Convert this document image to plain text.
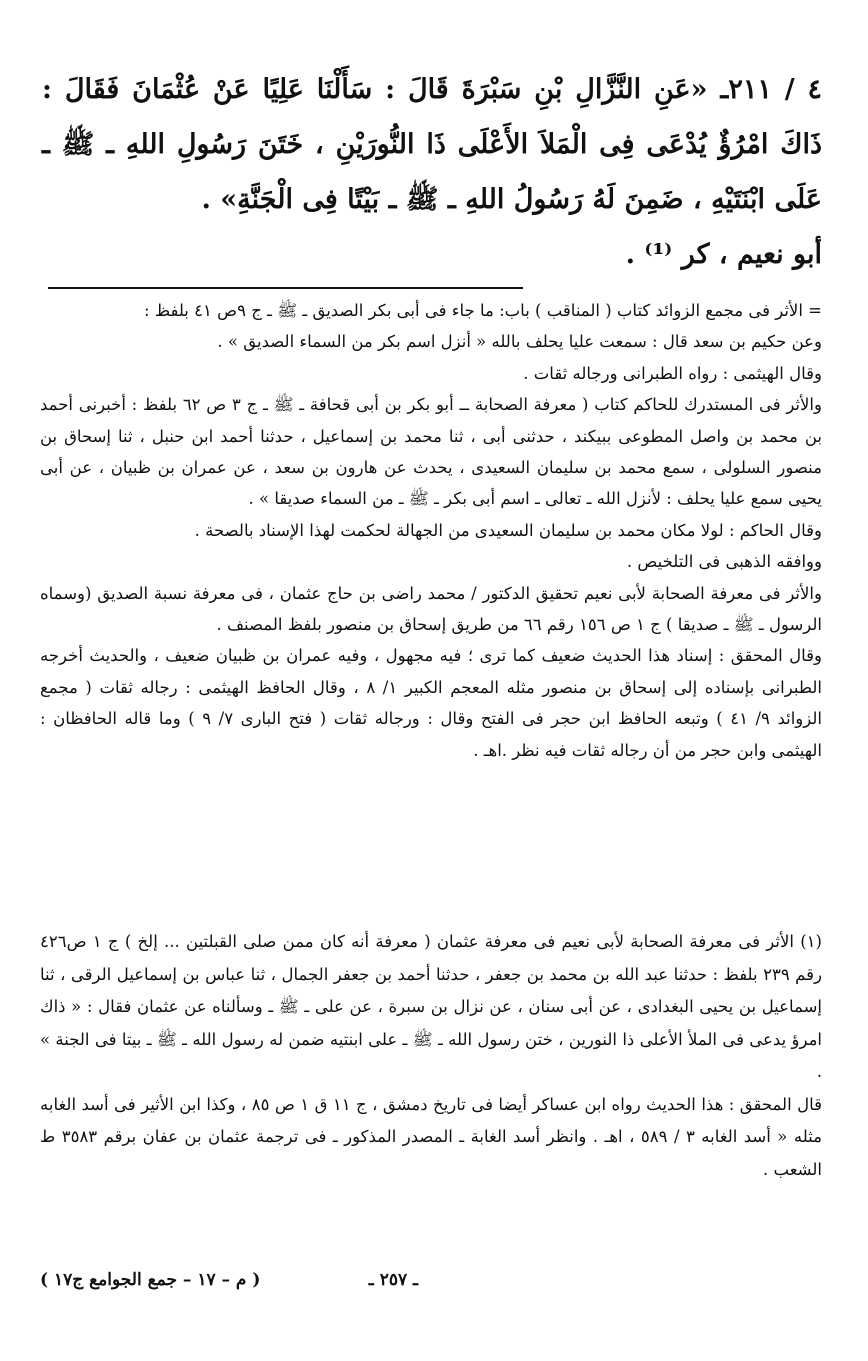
٤ / ٢١١ـ «عَنِ النَّزَّالِ بْنِ سَبْرَةَ قَالَ : سَأَلْنَا عَلِيًا عَنْ عُثْمَانَ فَقَالَ : ذَاكَ امْرُؤٌ يُدْعَى فِى الْمَلاَ الأَعْلَى ذَا النُّورَيْنِ ، خَتَنَ رَسُولِ اللهِ ـ ﷺ ـ عَلَى ابْنَتَيْهِ ، ضَمِنَ لَهُ رَسُولُ اللهِ ـ ﷺ ـ بَيْتًا فِى الْجَنَّةِ» .

أبو نعيم ، كر ⁽¹⁾ .

= الأثر فى مجمع الزوائد كتاب ( المناقب ) باب: ما جاء فى أبى بكر الصديق ـ ﷺ ـ ج ٩ص ٤١ بلفظ :

وعن حكيم بن سعد قال : سمعت عليا يحلف بالله « أنزل اسم بكر من السماء الصديق » .

وقال الهيثمى : رواه الطبرانى ورجاله ثقات .

والأثر فى المستدرك للحاكم كتاب ( معرفة الصحابة ــ أبو بكر بن أبى قحافة ـ ﷺ ـ ج ٣ ص ٦٢ بلفظ : أخبرنى أحمد بن محمد بن واصل المطوعى ببيكند ، حدثنى أبى ، ثنا محمد بن إسماعيل ، حدثنا أحمد ابن حنبل ، ثنا إسحاق بن منصور السلولى ، سمع محمد بن سليمان السعيدى ، يحدث عن هارون بن سعد ، عن عمران بن ظبيان ، عن أبى يحيى سمع عليا يحلف : لأنزل الله ـ تعالى ـ اسم أبى بكر ـ ﷺ ـ من السماء صديقا » .

وقال الحاكم : لولا مكان محمد بن سليمان السعيدى من الجهالة لحكمت لهذا الإسناد بالصحة .

ووافقه الذهبى فى التلخيص .

والأثر فى معرفة الصحابة لأبى نعيم تحقيق الدكتور / محمد راضى بن حاج عثمان ، فى معرفة نسبة الصديق (وسماه الرسول ـ ﷺ ـ صديقا ) ج ١ ص ١٥٦ رقم ٦٦ من طريق إسحاق بن منصور بلفظ المصنف .

وقال المحقق : إسناد هذا الحديث ضعيف كما ترى ؛ فيه مجهول ، وفيه عمران بن ظبيان ضعيف ، والحديث أخرجه الطبرانى بإسناده إلى إسحاق بن منصور مثله المعجم الكبير ١/ ٨ ، وقال الحافظ الهيثمى : رجاله ثقات ( مجمع الزوائد ٩/ ٤١ ) وتبعه الحافظ ابن حجر فى الفتح وقال : ورجاله ثقات ( فتح البارى ٧/ ٩ ) وما قاله الحافظان : الهيثمى وابن حجر من أن رجاله ثقات فيه نظر .اهـ .

(١) الأثر فى معرفة الصحابة لأبى نعيم فى معرفة عثمان ( معرفة أنه كان ممن صلى القبلتين ... إلخ ) ج ١ ص٤٢٦ رقم ٢٣٩ بلفظ : حدثنا عبد الله بن محمد بن جعفر ، حدثنا أحمد بن جعفر الجمال ، ثنا عباس بن إسماعيل الرقى ، ثنا إسماعيل بن يحيى البغدادى ، عن أبى سنان ، عن نزال بن سبرة ، عن على ـ ﷺ ـ وسألناه عن عثمان فقال : « ذاك امرؤ يدعى فى الملأ الأعلى ذا النورين ، ختن رسول الله ـ ﷺ ـ على ابنتيه ضمن له رسول الله ـ ﷺ ـ بيتا فى الجنة » .

قال المحقق : هذا الحديث رواه ابن عساكر أيضا فى تاريخ دمشق ، ج ١١ ق ١ ص ٨٥ ، وكذا ابن الأثير فى أسد الغابه مثله « أسد الغابه ٣ / ٥٨٩ ، اهـ . وانظر أسد الغابة ـ المصدر المذكور ـ فى ترجمة عثمان بن عفان برقم ٣٥٨٣ ط الشعب .

ـ ٢٥٧ ـ
( م – ١٧ – جمع الجوامع ج١٧ )
